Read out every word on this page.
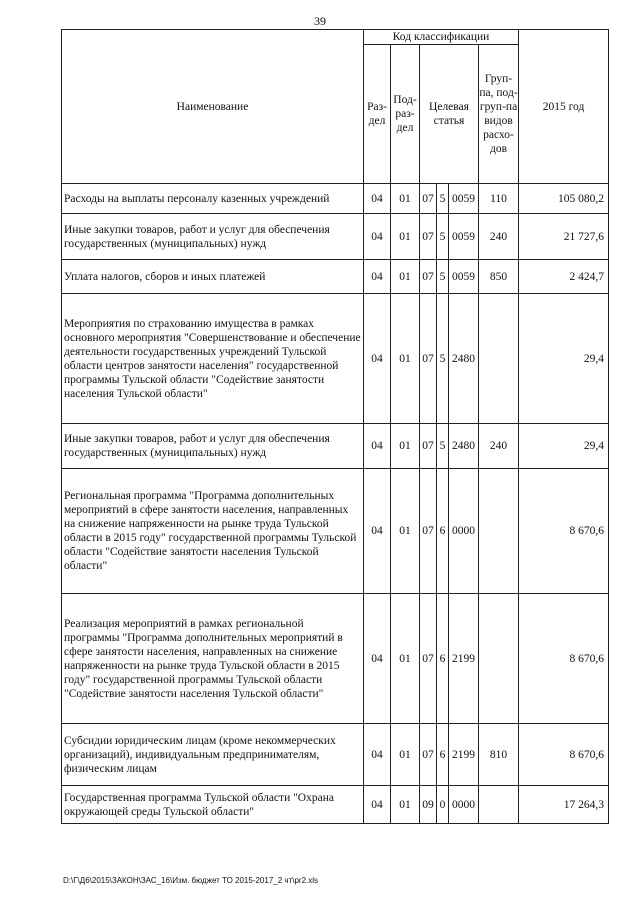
39
Наименование	Код классификации						2015 год
	Раз-дел	Под-раз-дел	Целевая статья			Груп-па, под-груп-па видов расхо-дов	
Расходы на выплаты персоналу казенных учреждений	04	01	07	5	0059	110	105 080,2
Иные закупки товаров, работ и услуг для обеспечения государственных (муниципальных) нужд	04	01	07	5	0059	240	21 727,6
Уплата налогов, сборов и иных платежей	04	01	07	5	0059	850	2 424,7
Мероприятия по страхованию имущества в рамках основного мероприятия "Совершенствование и обеспечение деятельности государственных учреждений Тульской области центров занятости населения" государственной программы Тульской области "Содействие занятости населения Тульской области"	04	01	07	5	2480		29,4
Иные закупки товаров, работ и услуг для обеспечения государственных (муниципальных) нужд	04	01	07	5	2480	240	29,4
Региональная программа "Программа дополнительных мероприятий в сфере занятости населения, направленных на снижение напряженности на рынке труда Тульской области в 2015 году" государственной программы Тульской области "Содействие занятости населения Тульской области"	04	01	07	6	0000		8 670,6
Реализация мероприятий в рамках региональной программы "Программа дополнительных мероприятий в сфере занятости населения, направленных на снижение напряженности на рынке труда Тульской области в 2015 году" государственной программы Тульской области "Содействие занятости населения Тульской области"	04	01	07	6	2199		8 670,6
Субсидии юридическим лицам (кроме некоммерческих организаций), индивидуальным предпринимателям, физическим лицам	04	01	07	6	2199	810	8 670,6
Государственная программа Тульской области "Охрана окружающей среды Тульской области"	04	01	09	0	0000		17 264,3
D:\Г\Д6\2015\ЗАКОН\ЗАС_16\Изм. бюджет ТО 2015-2017_2 чт\pr2.xls
